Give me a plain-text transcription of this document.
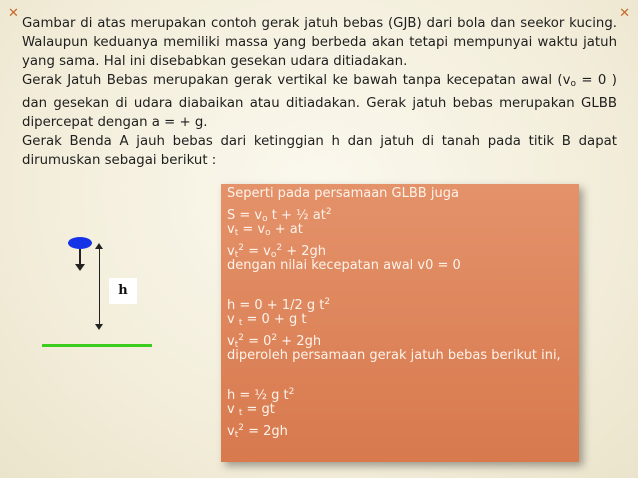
✕	✕

Gambar di atas merupakan contoh gerak jatuh bebas (GJB) dari bola dan seekor kucing. Walaupun keduanya memiliki massa yang berbeda akan tetapi mempunyai waktu jatuh yang sama. Hal ini disebabkan gesekan udara ditiadakan.

Gerak Jatuh Bebas merupakan gerak vertikal ke bawah tanpa kecepatan awal ($v_o = 0$ ) dan gesekan di udara diabaikan atau ditiadakan. Gerak jatuh bebas merupakan GLBB dipercepat dengan a = + g.

Gerak Benda A jauh bebas dari ketinggian h dan jatuh di tanah pada titik B dapat dirumuskan sebagai berikut :

h
Seperti pada persamaan GLBB juga
$S = v_o$ t + ½ $at^2$
$v_t = v_o$ + at
$v_t^2 = v_o^2 + 2gh$
dengan nilai kecepatan awal v0 = 0
h = 0 + 1/2 g $t^2$
v $_t$ = 0 + g t
$v_t^2 = 0^2 + 2gh$
diperoleh persamaan gerak jatuh bebas berikut ini,
h = ½ g $t^2$
v $_t$ = gt
$v_t^2 = 2gh$
